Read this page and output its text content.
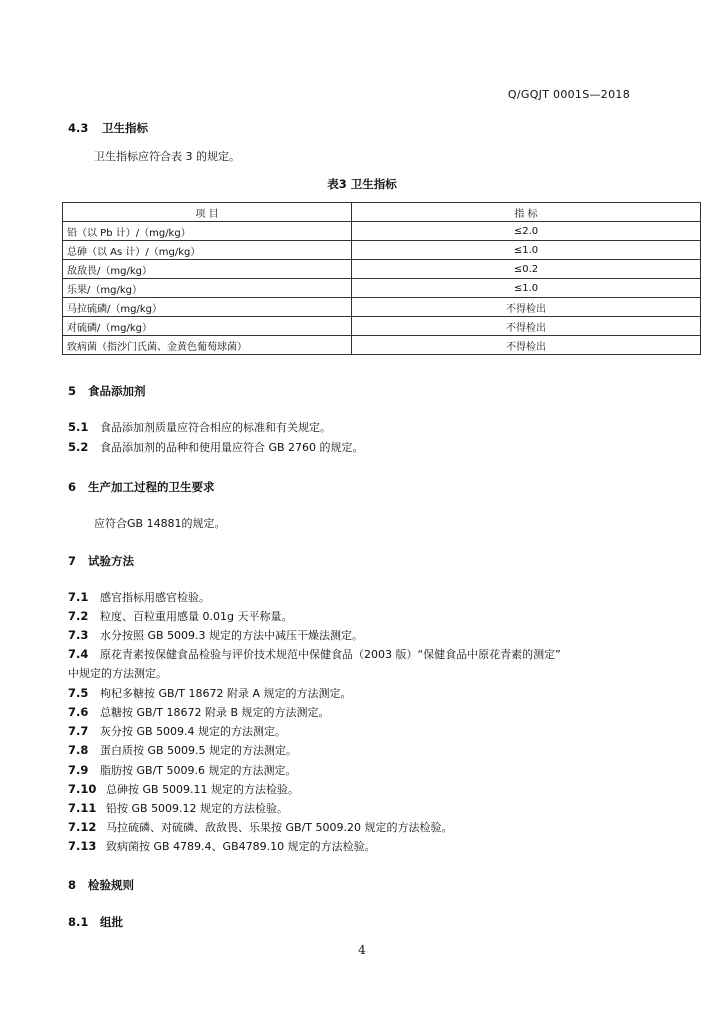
Q/GQJT 0001S—2018
4.3 卫生指标
卫生指标应符合表 3 的规定。
表3 卫生指标
项 目	指 标
铅（以 Pb 计）/（mg/kg）	≤2.0
总砷（以 As 计）/（mg/kg）	≤1.0
敌敌畏/（mg/kg）	≤0.2
乐果/（mg/kg）	≤1.0
马拉硫磷/（mg/kg）	不得检出
对硫磷/（mg/kg）	不得检出
致病菌（指沙门氏菌、金黄色葡萄球菌）	不得检出
5 食品添加剂
5.1 食品添加剂质量应符合相应的标准和有关规定。
5.2 食品添加剂的品种和使用量应符合 GB 2760 的规定。
6 生产加工过程的卫生要求
应符合GB 14881的规定。
7 试验方法
7.1 感官指标用感官检验。
7.2 粒度、百粒重用感量 0.01g 天平称量。
7.3 水分按照 GB 5009.3 规定的方法中减压干燥法测定。
7.4 原花青素按保健食品检验与评价技术规范中保健食品（2003 版）“保健食品中原花青素的测定”
中规定的方法测定。
7.5 枸杞多糖按 GB/T 18672 附录 A 规定的方法测定。
7.6 总糖按 GB/T 18672 附录 B 规定的方法测定。
7.7 灰分按 GB 5009.4 规定的方法测定。
7.8 蛋白质按 GB 5009.5 规定的方法测定。
7.9 脂肪按 GB/T 5009.6 规定的方法测定。
7.10 总砷按 GB 5009.11 规定的方法检验。
7.11 铅按 GB 5009.12 规定的方法检验。
7.12 马拉硫磷、对硫磷、敌敌畏、乐果按 GB/T 5009.20 规定的方法检验。
7.13 致病菌按 GB 4789.4、GB4789.10 规定的方法检验。
8 检验规则
8.1 组批
4
